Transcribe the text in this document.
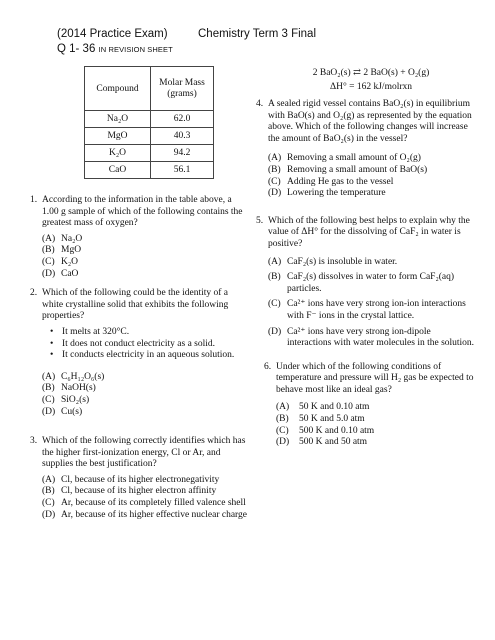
(2014 Practice Exam)
Q 1- 36 IN REVISION SHEET
Chemistry Term 3 Final
Compound	Molar Mass
(grams)

Na₂O	62.0
MgO	40.3
K₂O	94.2
CaO	56.1
1. According to the information in the table above, a 1.00 g sample of which of the following contains the greatest mass of oxygen?
(A) Na₂O
(B) MgO
(C) K₂O
(D) CaO
2. Which of the following could be the identity of a white crystalline solid that exhibits the following properties?
• It melts at 320°C.
• It does not conduct electricity as a solid.
• It conducts electricity in an aqueous solution.
(A) C₆H₁₂O₆(s)
(B) NaOH(s)
(C) SiO₂(s)
(D) Cu(s)
3. Which of the following correctly identifies which has the higher first-ionization energy, Cl or Ar, and supplies the best justification?
(A) Cl, because of its higher electronegativity
(B) Cl, because of its higher electron affinity
(C) Ar, because of its completely filled valence shell
(D) Ar, because of its higher effective nuclear charge
2 BaO₂(s) ⇄ 2 BaO(s) + O₂(g)
ΔH° = 162 kJ/molrxn
4. A sealed rigid vessel contains BaO₂(s) in equilibrium with BaO(s) and O₂(g) as represented by the equation above. Which of the following changes will increase the amount of BaO₂(s) in the vessel?
(A) Removing a small amount of O₂(g)
(B) Removing a small amount of BaO(s)
(C) Adding He gas to the vessel
(D) Lowering the temperature
5. Which of the following best helps to explain why the value of ΔH° for the dissolving of CaF₂ in water is positive?
(A) CaF₂(s) is insoluble in water.
(B) CaF₂(s) dissolves in water to form CaF₂(aq) particles.
(C) Ca²⁺ ions have very strong ion-ion interactions with F⁻ ions in the crystal lattice.
(D) Ca²⁺ ions have very strong ion-dipole interactions with water molecules in the solution.
6. Under which of the following conditions of temperature and pressure will H₂ gas be expected to behave most like an ideal gas?
(A)	50 K and 0.10 atm
(B)	50 K and 5.0 atm
(C)	500 K and 0.10 atm
(D)	500 K and 50 atm
